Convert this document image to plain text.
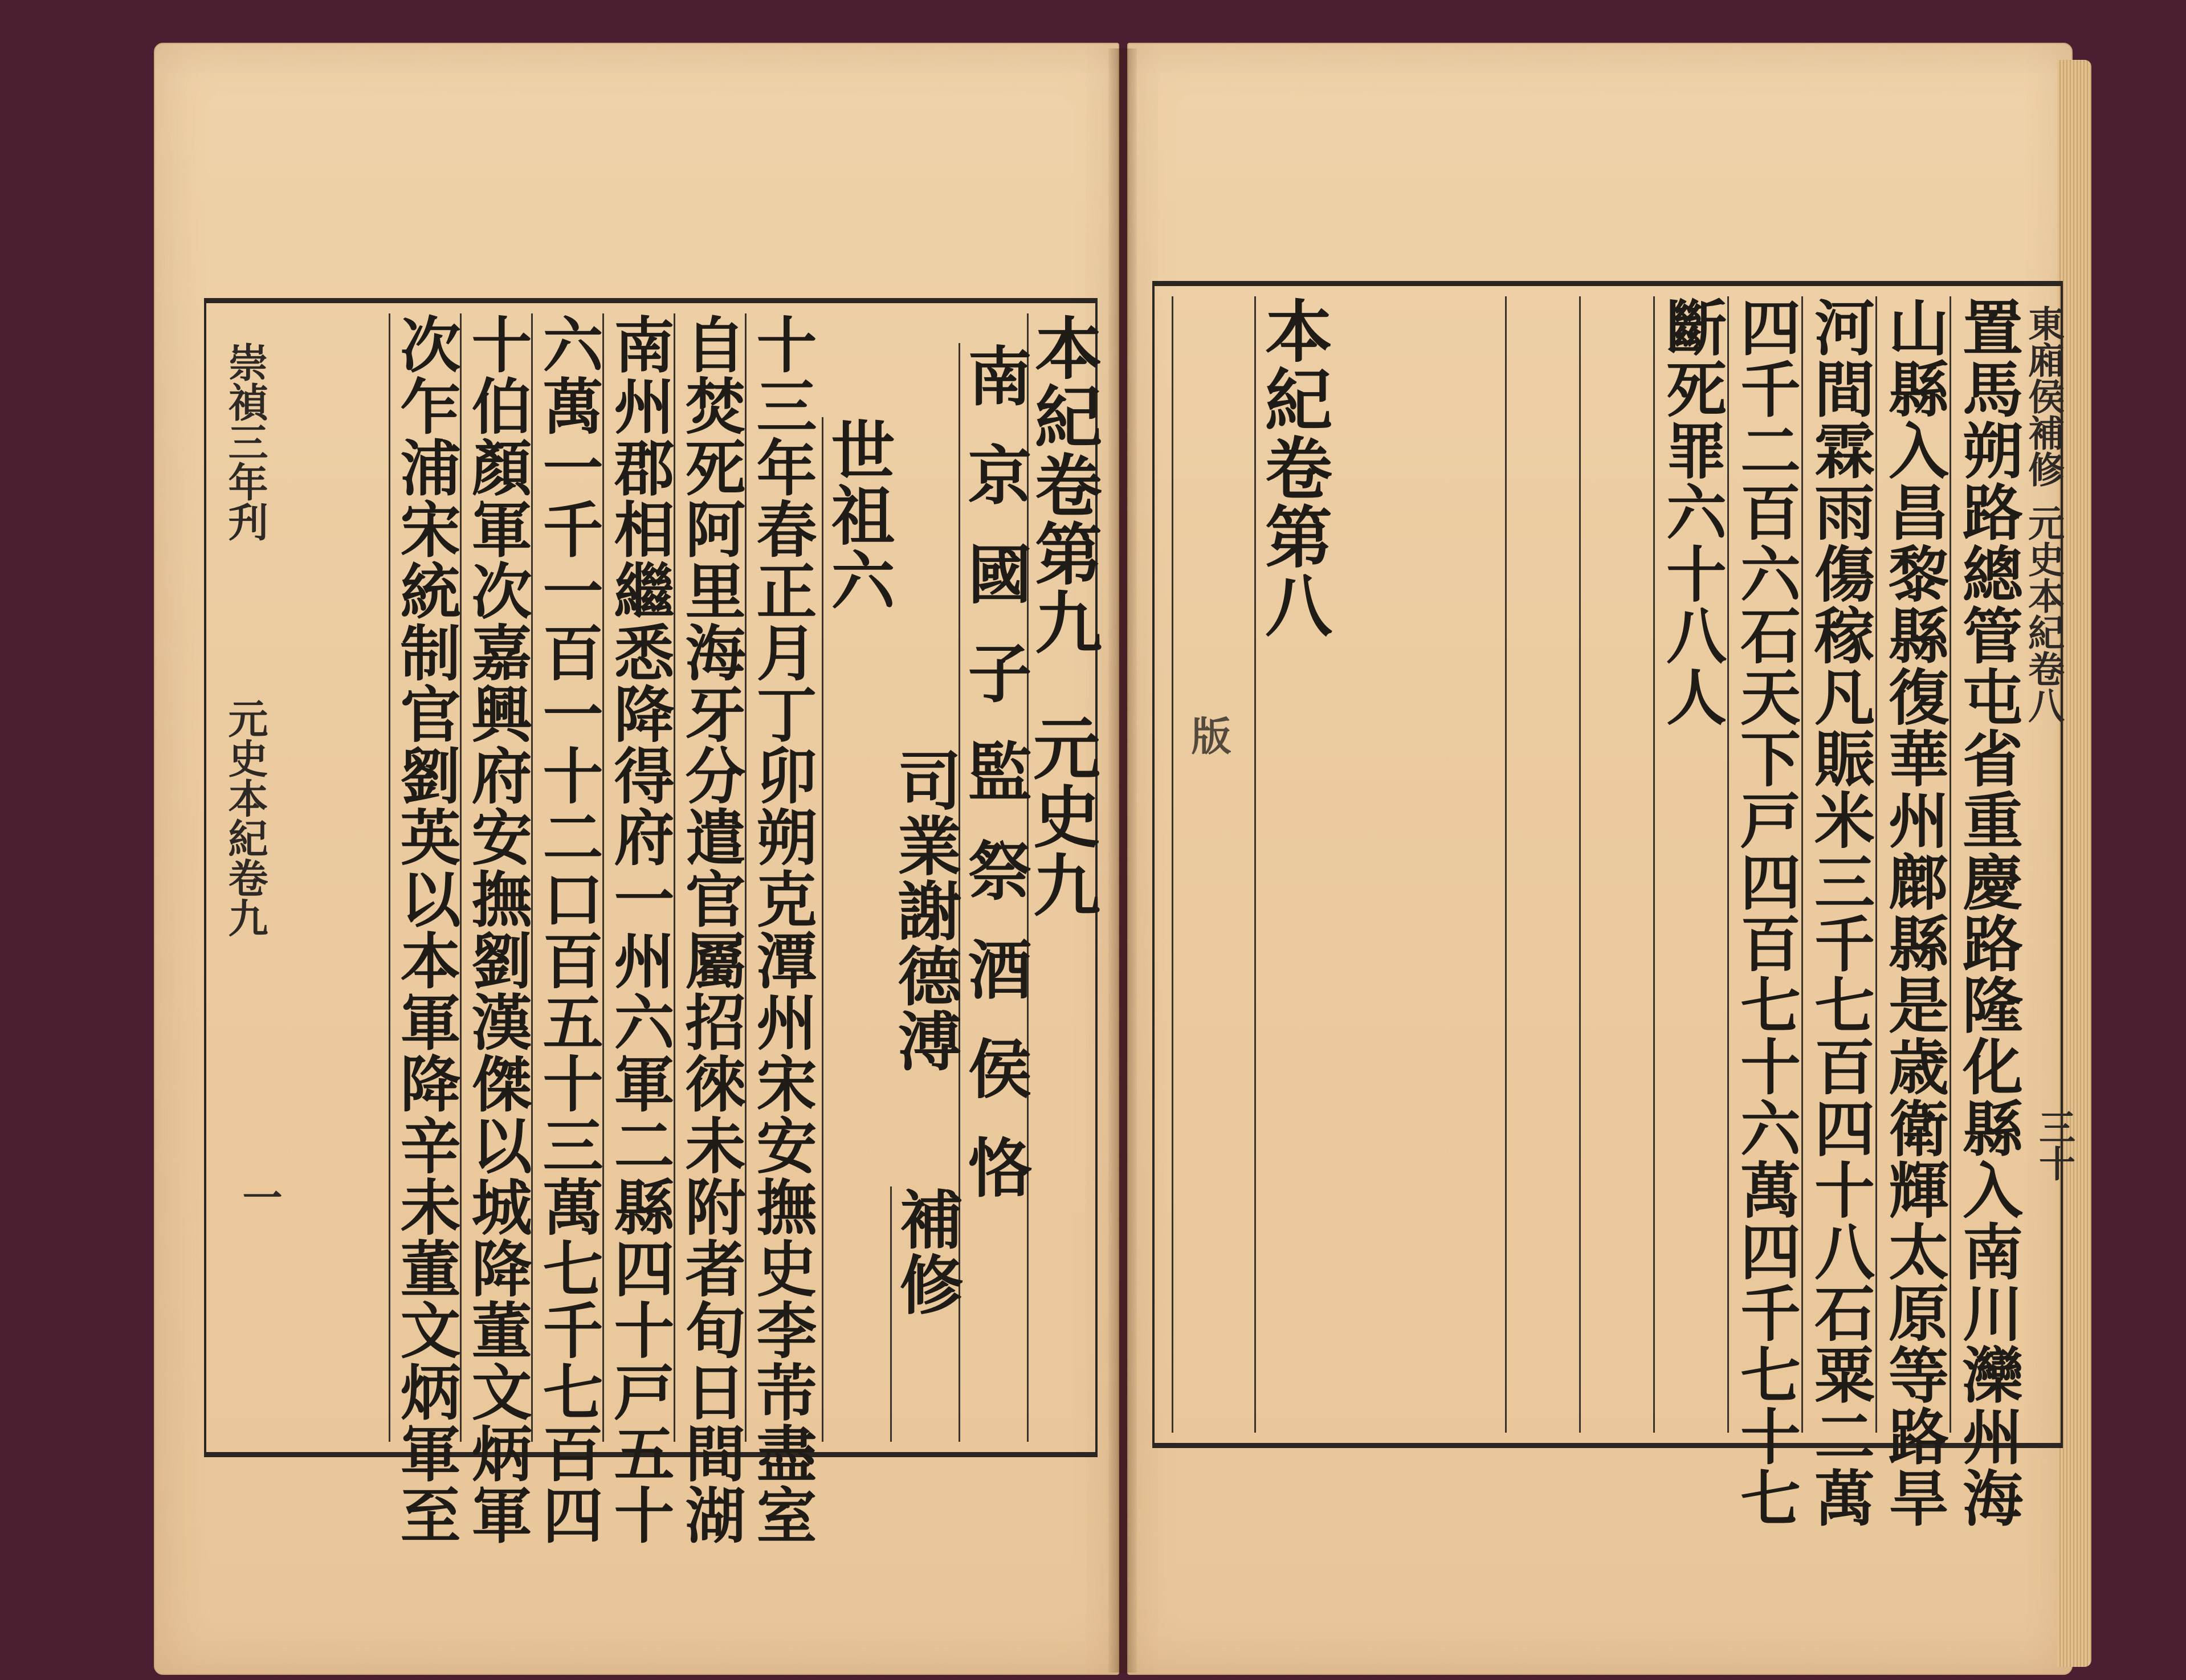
崇禎三年刋
元史本紀卷九
一
本紀卷第九
元史九
南京國子監祭酒侯恪
司業謝德溥
補修
世祖六
十三年春正月丁卯朔克潭州宋安撫史李芾盡室
自焚死阿里海牙分遣官屬招徠未附者旬日間湖
南州郡相繼悉降得府一州六軍二縣四十戸五十
六萬一千一百一十二口百五十三萬七千七百四
十伯顏軍次嘉興府安撫劉漢傑以城降董文炳軍
次乍浦宋統制官劉英以本軍降辛未董文炳軍至
　	置馬朔路總管屯省重慶路隆化縣入南川灤州海
山縣入昌黎縣復華州鄜縣是歳衛輝太原等路旱
河間霖雨傷稼凡賑米三千七百四十八石粟二萬
四千二百六石天下戸四百七十六萬四千七十七
斷死罪六十八人
本紀卷第八
版
東廂侯補修
元史本紀卷八
三十
